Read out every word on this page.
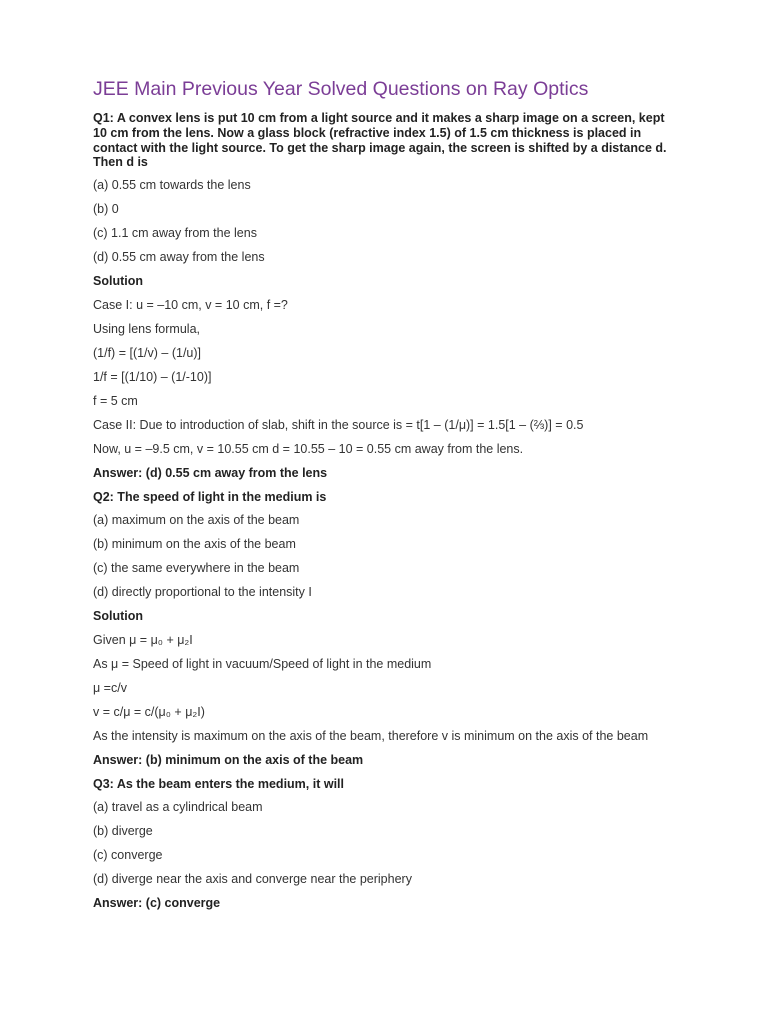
JEE Main Previous Year Solved Questions on Ray Optics
Q1: A convex lens is put 10 cm from a light source and it makes a sharp image on a screen, kept 10 cm from the lens. Now a glass block (refractive index 1.5) of 1.5 cm thickness is placed in contact with the light source. To get the sharp image again, the screen is shifted by a distance d. Then d is
(a) 0.55 cm towards the lens
(b) 0
(c) 1.1 cm away from the lens
(d) 0.55 cm away from the lens
Solution
Case I: u = –10 cm, v = 10 cm, f =?
Using lens formula,
(1/f) = [(1/v) – (1/u)]
1/f = [(1/10) – (1/-10)]
f = 5 cm
Case II: Due to introduction of slab, shift in the source is = t[1 – (1/μ)] = 1.5[1 – (⅔)] = 0.5
Now, u = –9.5 cm, v = 10.55 cm d = 10.55 – 10 = 0.55 cm away from the lens.
Answer: (d) 0.55 cm away from the lens
Q2: The speed of light in the medium is
(a) maximum on the axis of the beam
(b) minimum on the axis of the beam
(c) the same everywhere in the beam
(d) directly proportional to the intensity I
Solution
Given μ = μ₀ + μ₂I
As μ = Speed of light in vacuum/Speed of light in the medium
μ =c/v
v = c/μ = c/(μ₀ + μ₂I)
As the intensity is maximum on the axis of the beam, therefore v is minimum on the axis of the beam
Answer: (b) minimum on the axis of the beam
Q3: As the beam enters the medium, it will
(a) travel as a cylindrical beam
(b) diverge
(c) converge
(d) diverge near the axis and converge near the periphery
Answer: (c) converge
